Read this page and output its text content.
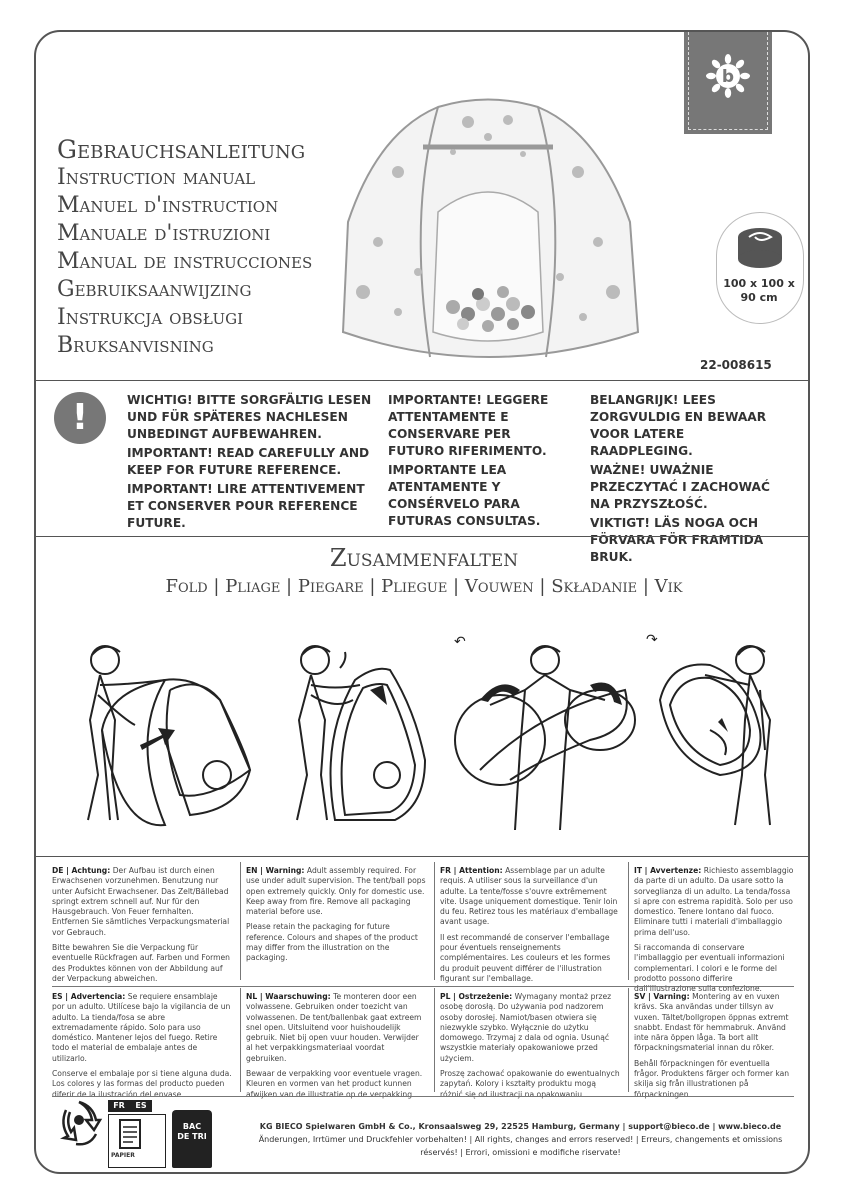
b
Gebrauchsanleitung
Instruction manual
Manuel d'instruction
Manuale d'istruzioni
Manual de instrucciones
Gebruiksaanwijzing
Instrukcja obsługi
Bruksanvisning
100 x 100 x 90 cm
22-008615
!	WICHTIG! BITTE SORGFÄLTIG LESEN UND FÜR SPÄTERES NACHLESEN UNBEDINGT AUFBEWAHREN.

IMPORTANT! READ CAREFULLY AND KEEP FOR FUTURE REFERENCE.

IMPORTANT! LIRE ATTENTIVEMENT ET CONSERVER POUR REFERENCE FUTURE.

IMPORTANTE! LEGGERE ATTENTAMENTE E CONSERVARE PER FUTURO RIFERIMENTO.

IMPORTANTE LEA ATENTAMENTE Y CONSÉRVELO PARA FUTURAS CONSULTAS.

BELANGRIJK! LEES ZORGVULDIG EN BEWAAR VOOR LATERE RAADPLEGING.

WAŻNE! UWAŻNIE PRZECZYTAĆ I ZACHOWAĆ NA PRZYSZŁOŚĆ.

VIKTIGT! LÄS NOGA OCH FÖRVARA FÖR FRAMTIDA BRUK.

Zusammenfalten
Fold | Pliage | Piegare | Pliegue | Vouwen | Składanie | Vik
↶	↷

DE | Achtung: Der Aufbau ist durch einen Erwachsenen vorzunehmen. Benutzung nur unter Aufsicht Erwachsener. Das Zelt/Bällebad springt extrem schnell auf. Nur für den Hausgebrauch. Von Feuer fernhalten. Entfernen Sie sämtliches Verpackungsmaterial vor Gebrauch.

Bitte bewahren Sie die Verpackung für eventuelle Rückfragen auf. Farben und Formen des Produktes können von der Abbildung auf der Verpackung abweichen.

EN | Warning: Adult assembly required. For use under adult supervision. The tent/ball pops open extremely quickly. Only for domestic use. Keep away from fire. Remove all packaging material before use.

Please retain the packaging for future reference. Colours and shapes of the product may differ from the illustration on the packaging.

FR | Attention: Assemblage par un adulte requis. A utiliser sous la surveillance d'un adulte. La tente/fosse s'ouvre extrêmement vite. Usage uniquement domestique. Tenir loin du feu. Retirez tous les matériaux d'emballage avant usage.

Il est recommandé de conserver l'emballage pour éventuels renseignements complémentaires. Les couleurs et les formes du produit peuvent différer de l'illustration figurant sur l'emballage.

IT | Avvertenze: Richiesto assemblaggio da parte di un adulto. Da usare sotto la sorveglianza di un adulto. La tenda/fossa si apre con estrema rapidità. Solo per uso domestico. Tenere lontano dal fuoco. Eliminare tutti i materiali d'imballaggio prima dell'uso.

Si raccomanda di conservare l'imballaggio per eventuali informazioni complementari. I colori e le forme del prodotto possono differire dall'illustrazione sulla confezione.

ES | Advertencia: Se requiere ensamblaje por un adulto. Utilícese bajo la vigilancia de un adulto. La tienda/fosa se abre extremadamente rápido. Solo para uso doméstico. Mantener lejos del fuego. Retire todo el material de embalaje antes de utilizarlo.

Conserve el embalaje por si tiene alguna duda. Los colores y las formas del producto pueden diferir de la ilustración del envase.

NL | Waarschuwing: Te monteren door een volwassene. Gebruiken onder toezicht van volwassenen. De tent/ballenbak gaat extreem snel open. Uitsluitend voor huishoudelijk gebruik. Niet bij open vuur houden. Verwijder al het verpakkingsmateriaal voordat gebruiken.

Bewaar de verpakking voor eventuele vragen. Kleuren en vormen van het product kunnen afwijken van de illustratie op de verpakking.

PL | Ostrzeżenie: Wymagany montaż przez osobę dorosłą. Do używania pod nadzorem osoby dorosłej. Namiot/basen otwiera się niezwykle szybko. Wyłącznie do użytku domowego. Trzymaj z dala od ognia. Usunąć wszystkie materiały opakowaniowe przed użyciem.

Proszę zachować opakowanie do ewentualnych zapytań. Kolory i kształty produktu mogą różnić się od ilustracji na opakowaniu.

SV | Varning: Montering av en vuxen krävs. Ska användas under tillsyn av vuxen. Tältet/bollgropen öppnas extremt snabbt. Endast för hemmabruk. Använd inte nära öppen låga. Ta bort allt förpackningsmaterial innan du röker.

Behåll förpackningen för eventuella frågor. Produktens färger och former kan skilja sig från illustrationen på förpackningen.

FR	ES
PAPIER
BAC DE TRI
KG BIECO Spielwaren GmbH & Co., Kronsaalsweg 29, 22525 Hamburg, Germany | support@bieco.de | www.bieco.de
Änderungen, Irrtümer und Druckfehler vorbehalten! | All rights, changes and errors reserved! | Erreurs, changements et omissions réservés! | Errori, omissioni e modifiche riservate!
